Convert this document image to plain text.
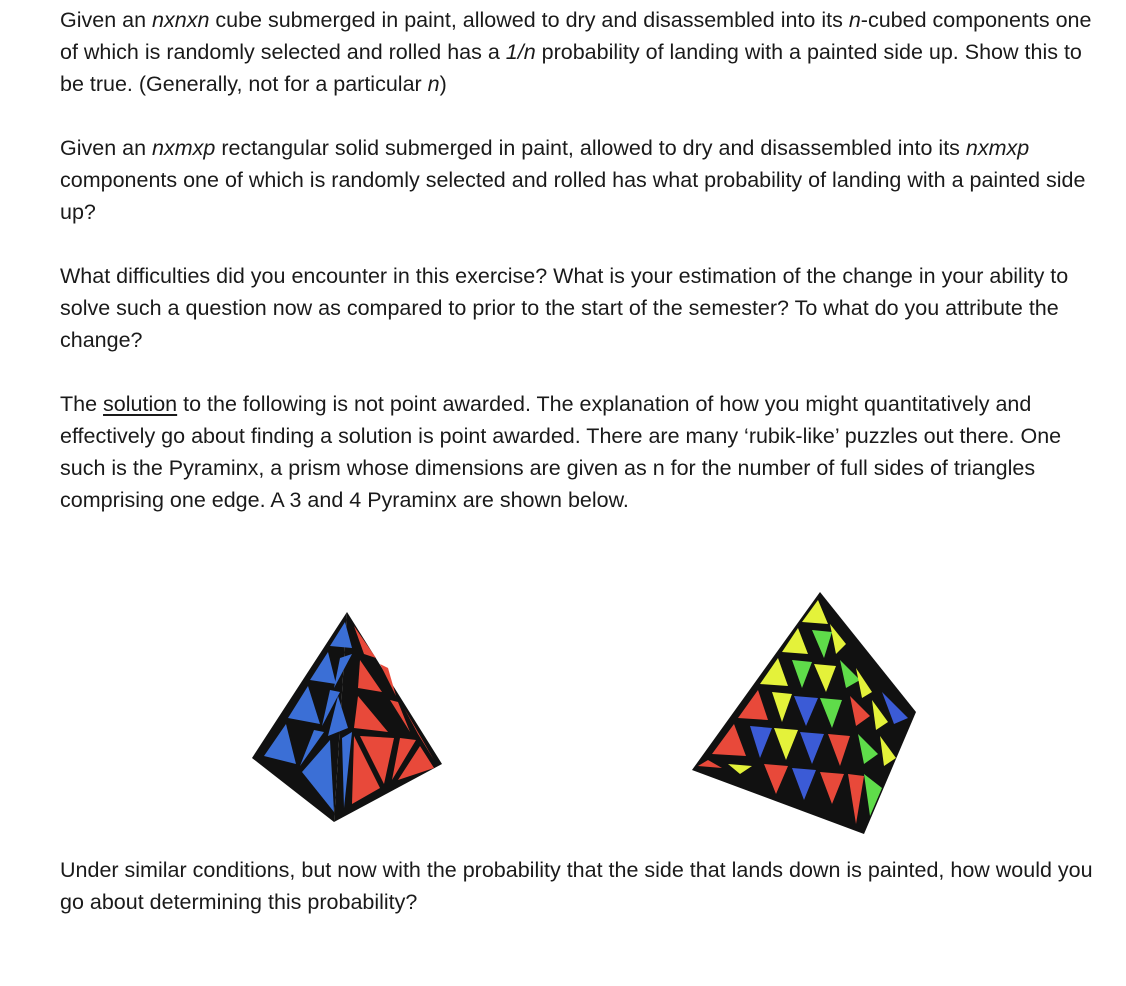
Given an nxnxn cube submerged in paint, allowed to dry and disassembled into its n-cubed components one of which is randomly selected and rolled has a 1/n probability of landing with a painted side up. Show this to be true. (Generally, not for a particular n)

Given an nxmxp rectangular solid submerged in paint, allowed to dry and disassembled into its nxmxp components one of which is randomly selected and rolled has what probability of landing with a painted side up?

What difficulties did you encounter in this exercise? What is your estimation of the change in your ability to solve such a question now as compared to prior to the start of the semester? To what do you attribute the change?

The solution to the following is not point awarded. The explanation of how you might quantitatively and effectively go about finding a solution is point awarded. There are many ‘rubik-like’ puzzles out there. One such is the Pyraminx, a prism whose dimensions are given as n for the number of full sides of triangles comprising one edge. A 3 and 4 Pyraminx are shown below.

Under similar conditions, but now with the probability that the side that lands down is painted, how would you go about determining this probability?
